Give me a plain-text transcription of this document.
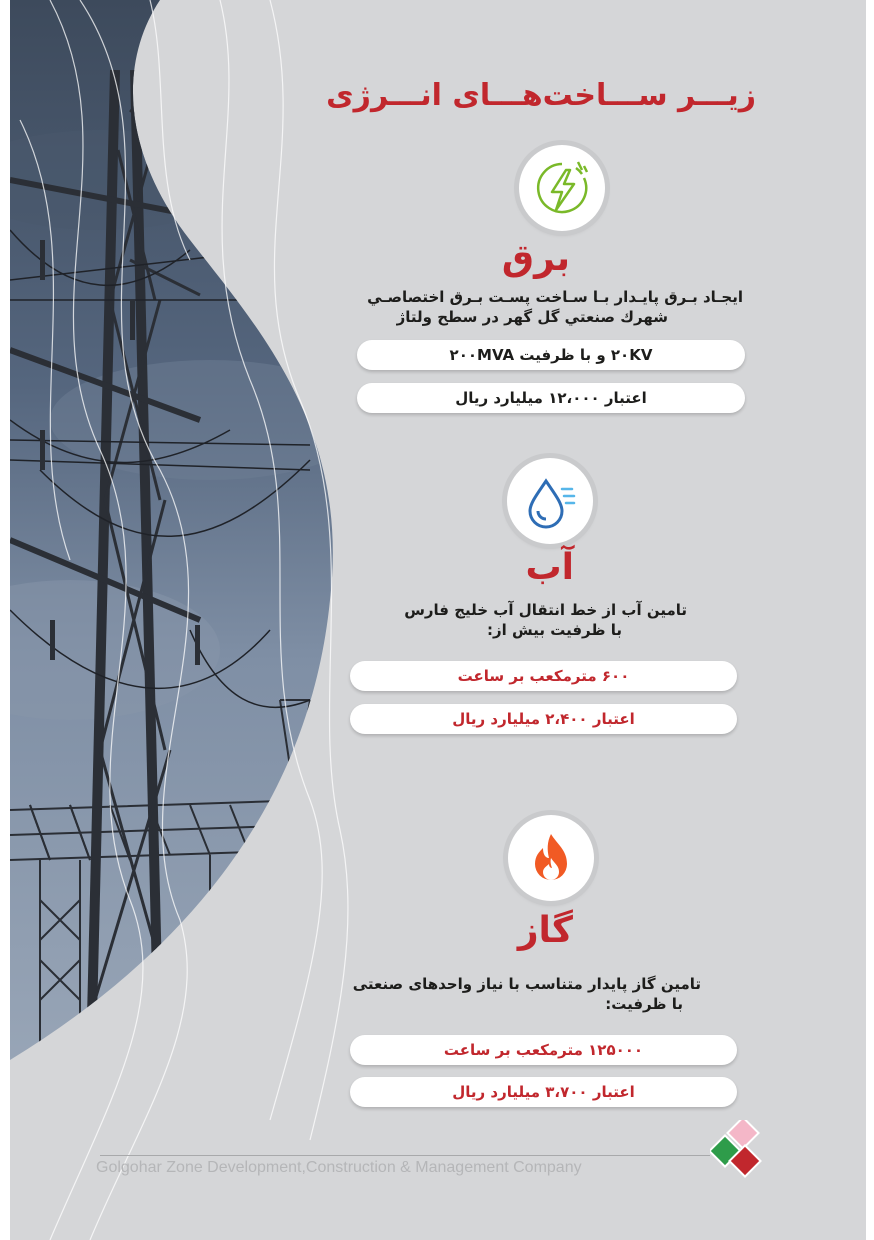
زیـــر ســـاخت‌هـــای انـــرژی
برق
ایجـاد بـرق پایـدار بـا سـاخت پسـت بـرق اختصاصـي
شهرك صنعتي گل گهر در سطح ولتاژ
۲۰KV و با ظرفیت ۲۰۰MVA
اعتبار ۱۲،۰۰۰ میلیارد ریال
آب
تامین آب از خط انتقال آب خلیج فارس
با ظرفیت بیش از:
۶۰۰ مترمکعب بر ساعت
اعتبار ۲،۴۰۰ میلیارد ریال
گاز
تامین گاز پایدار متناسب با نیاز واحدهای صنعتی
با ظرفیت:
۱۲۵۰۰۰ مترمکعب بر ساعت
اعتبار ۳،۷۰۰ میلیارد ریال
Golgohar Zone Development,Construction & Management Company
